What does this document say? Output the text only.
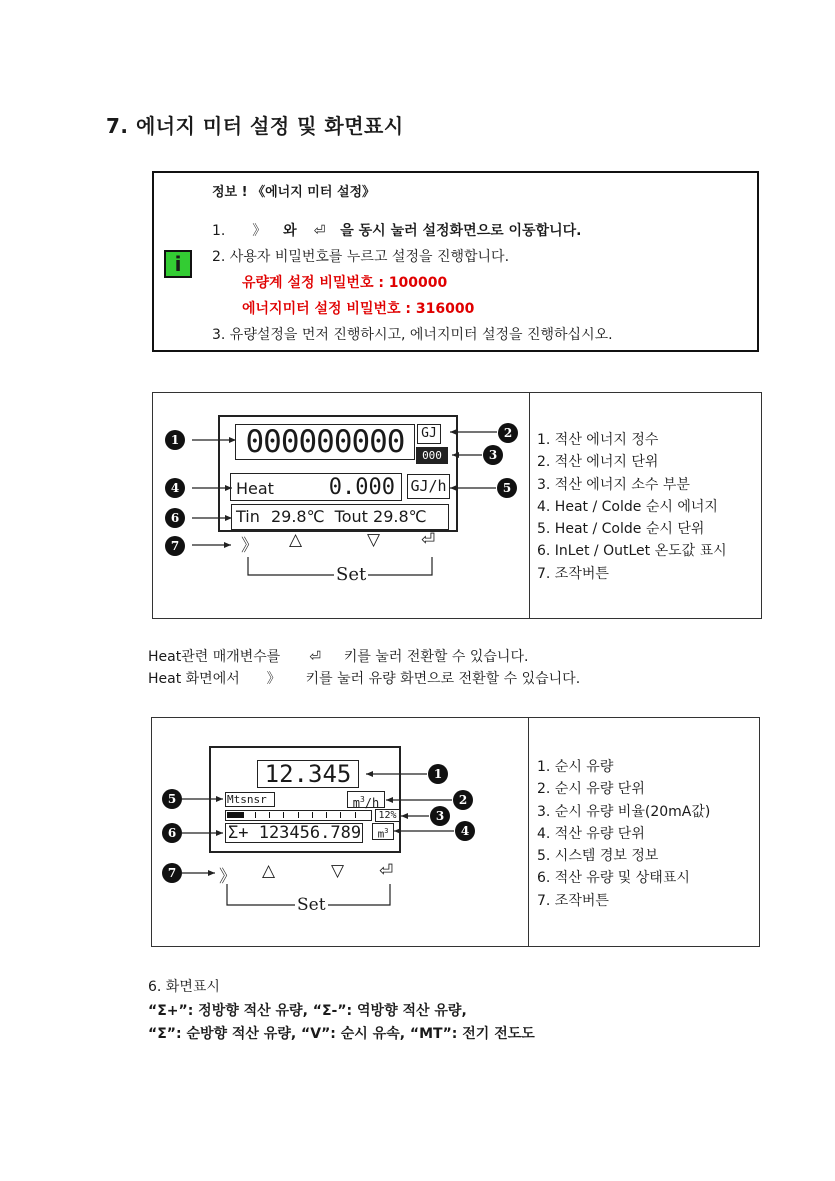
7. 에너지 미터 설정 및 화면표시
i
정보 ! 《에너지 미터 설정》
1. 》 와 ⏎ 을 동시 눌러 설정화면으로 이동합니다.
2. 사용자 비밀번호를 누르고 설정을 진행합니다.
유량계 설정 비밀번호 : 100000
에너지미터 설정 비밀번호 : 316000
3. 유량설정을 먼저 진행하시고, 에너지미터 설정을 진행하십시오.
000000000	GJ
000
Heat 0.000 GJ/h
Tin 29.8℃ Tout 29.8℃
》 △	▽ ⏎
Set
1	2
3
4	5
6
7
1. 적산 에너지 정수
2. 적산 에너지 단위
3. 적산 에너지 소수 부분
4. Heat / Colde 순시 에너지
5. Heat / Colde 순시 단위
6. InLet / OutLet 온도값 표시
7. 조작버튼
Heat관련 매개변수를 ⏎ 키를 눌러 전환할 수 있습니다.
Heat 화면에서 》 키를 눌러 유량 화면으로 전환할 수 있습니다.
12.345
Mtsnsr	$m^3/h$
12%
Σ+ 123456.789	$m^3$
》 △	▽ ⏎
Set
1
2
3
4
5
6
7
1. 순시 유량
2. 순시 유량 단위
3. 순시 유량 비율(20mA값)
4. 적산 유량 단위
5. 시스템 경보 정보
6. 적산 유량 및 상태표시
7. 조작버튼
6. 화면표시
“Σ+”: 정방향 적산 유량, “Σ-”: 역방향 적산 유량,
“Σ”: 순방향 적산 유량, “V”: 순시 유속, “MT”: 전기 전도도
